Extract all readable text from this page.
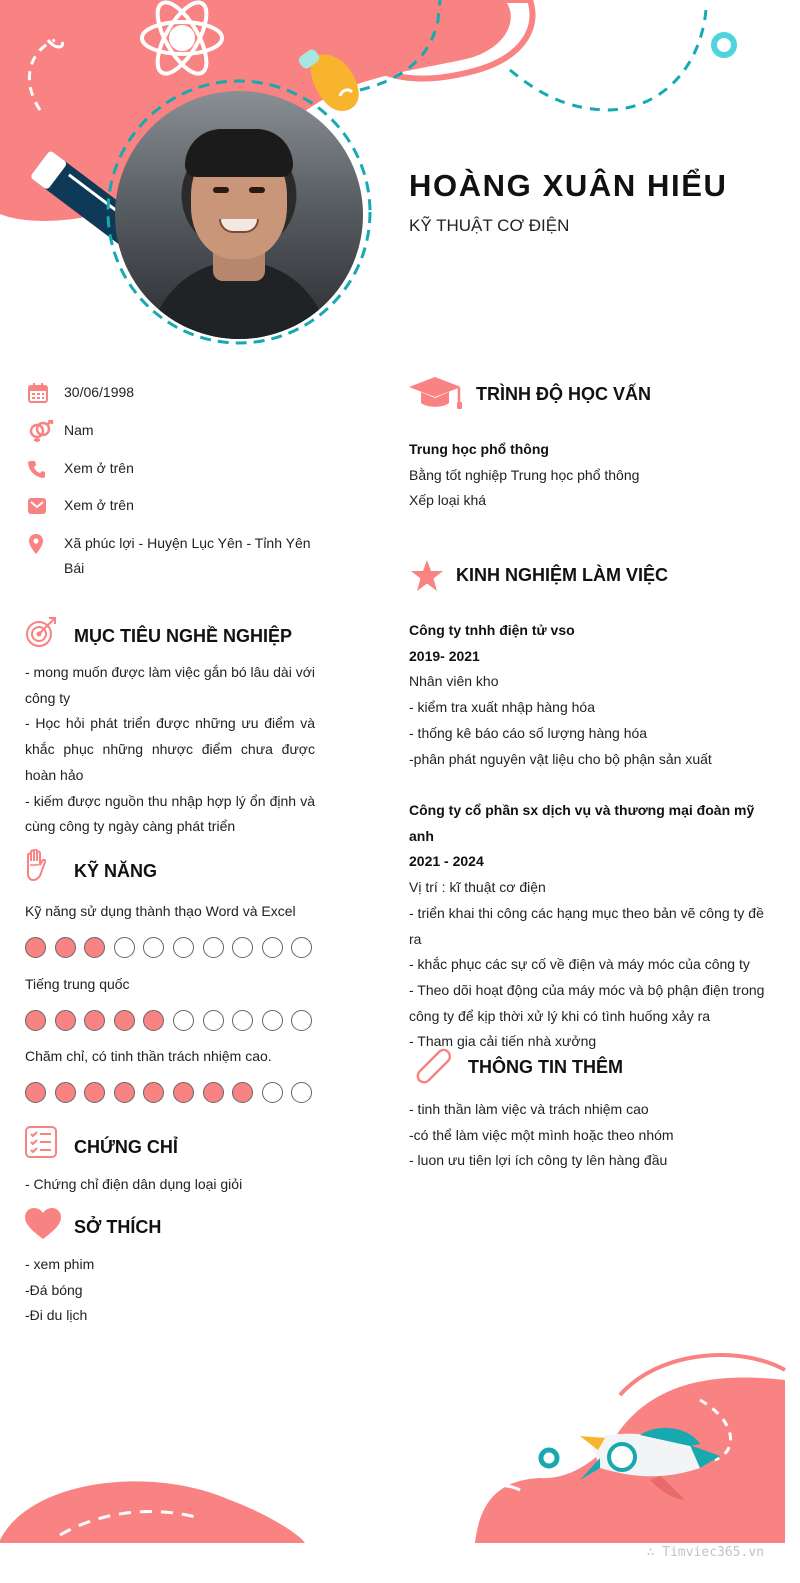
HOÀNG XUÂN HIỂU
KỸ THUẬT CƠ ĐIỆN
30/06/1998
Nam
Xem ở trên
Xem ở trên
Xã phúc lợi - Huyện Lục Yên - Tỉnh Yên Bái
MỤC TIÊU NGHỀ NGHIỆP

- mong muốn được làm việc gắn bó lâu dài với công ty

- Học hỏi phát triển được những ưu điểm và khắc phục những nhược điểm chưa được hoàn hảo

- kiếm được nguồn thu nhập hợp lý ổn định và cùng công ty ngày càng phát triển

KỸ NĂNG
Kỹ năng sử dụng thành thạo Word và Excel
Tiếng trung quốc
Chăm chỉ, có tinh thần trách nhiệm cao.
CHỨNG CHỈ

- Chứng chỉ điện dân dụng loại giỏi

SỞ THÍCH

- xem phim

-Đá bóng

-Đi du lịch

TRÌNH ĐỘ HỌC VẤN

Trung học phổ thông

Bằng tốt nghiệp Trung học phổ thông

Xếp loại khá

KINH NGHIỆM LÀM VIỆC

Công ty tnhh điện tử vso

2019- 2021

Nhân viên kho

- kiểm tra xuất nhập hàng hóa

- thống kê báo cáo số lượng hàng hóa

-phân phát nguyên vật liệu cho bộ phận sản xuất

Công ty cổ phần sx dịch vụ và thương mại đoàn mỹ anh

2021 - 2024

Vị trí : kĩ thuật cơ điện

- triển khai thi công các hạng mục theo bản vẽ công ty đề ra

- khắc phục các sự cố về điện và máy móc của công ty

- Theo dõi hoạt động của máy móc và bộ phận điện trong công ty để kịp thời xử lý khi có tình huống xảy ra

- Tham gia cải tiến nhà xưởng

THÔNG TIN THÊM

- tinh thần làm việc và trách nhiệm cao

-có thể làm việc một mình hoặc theo nhóm

- luon ưu tiên lợi ích công ty lên hàng đầu

∴ Timviec365.vn
